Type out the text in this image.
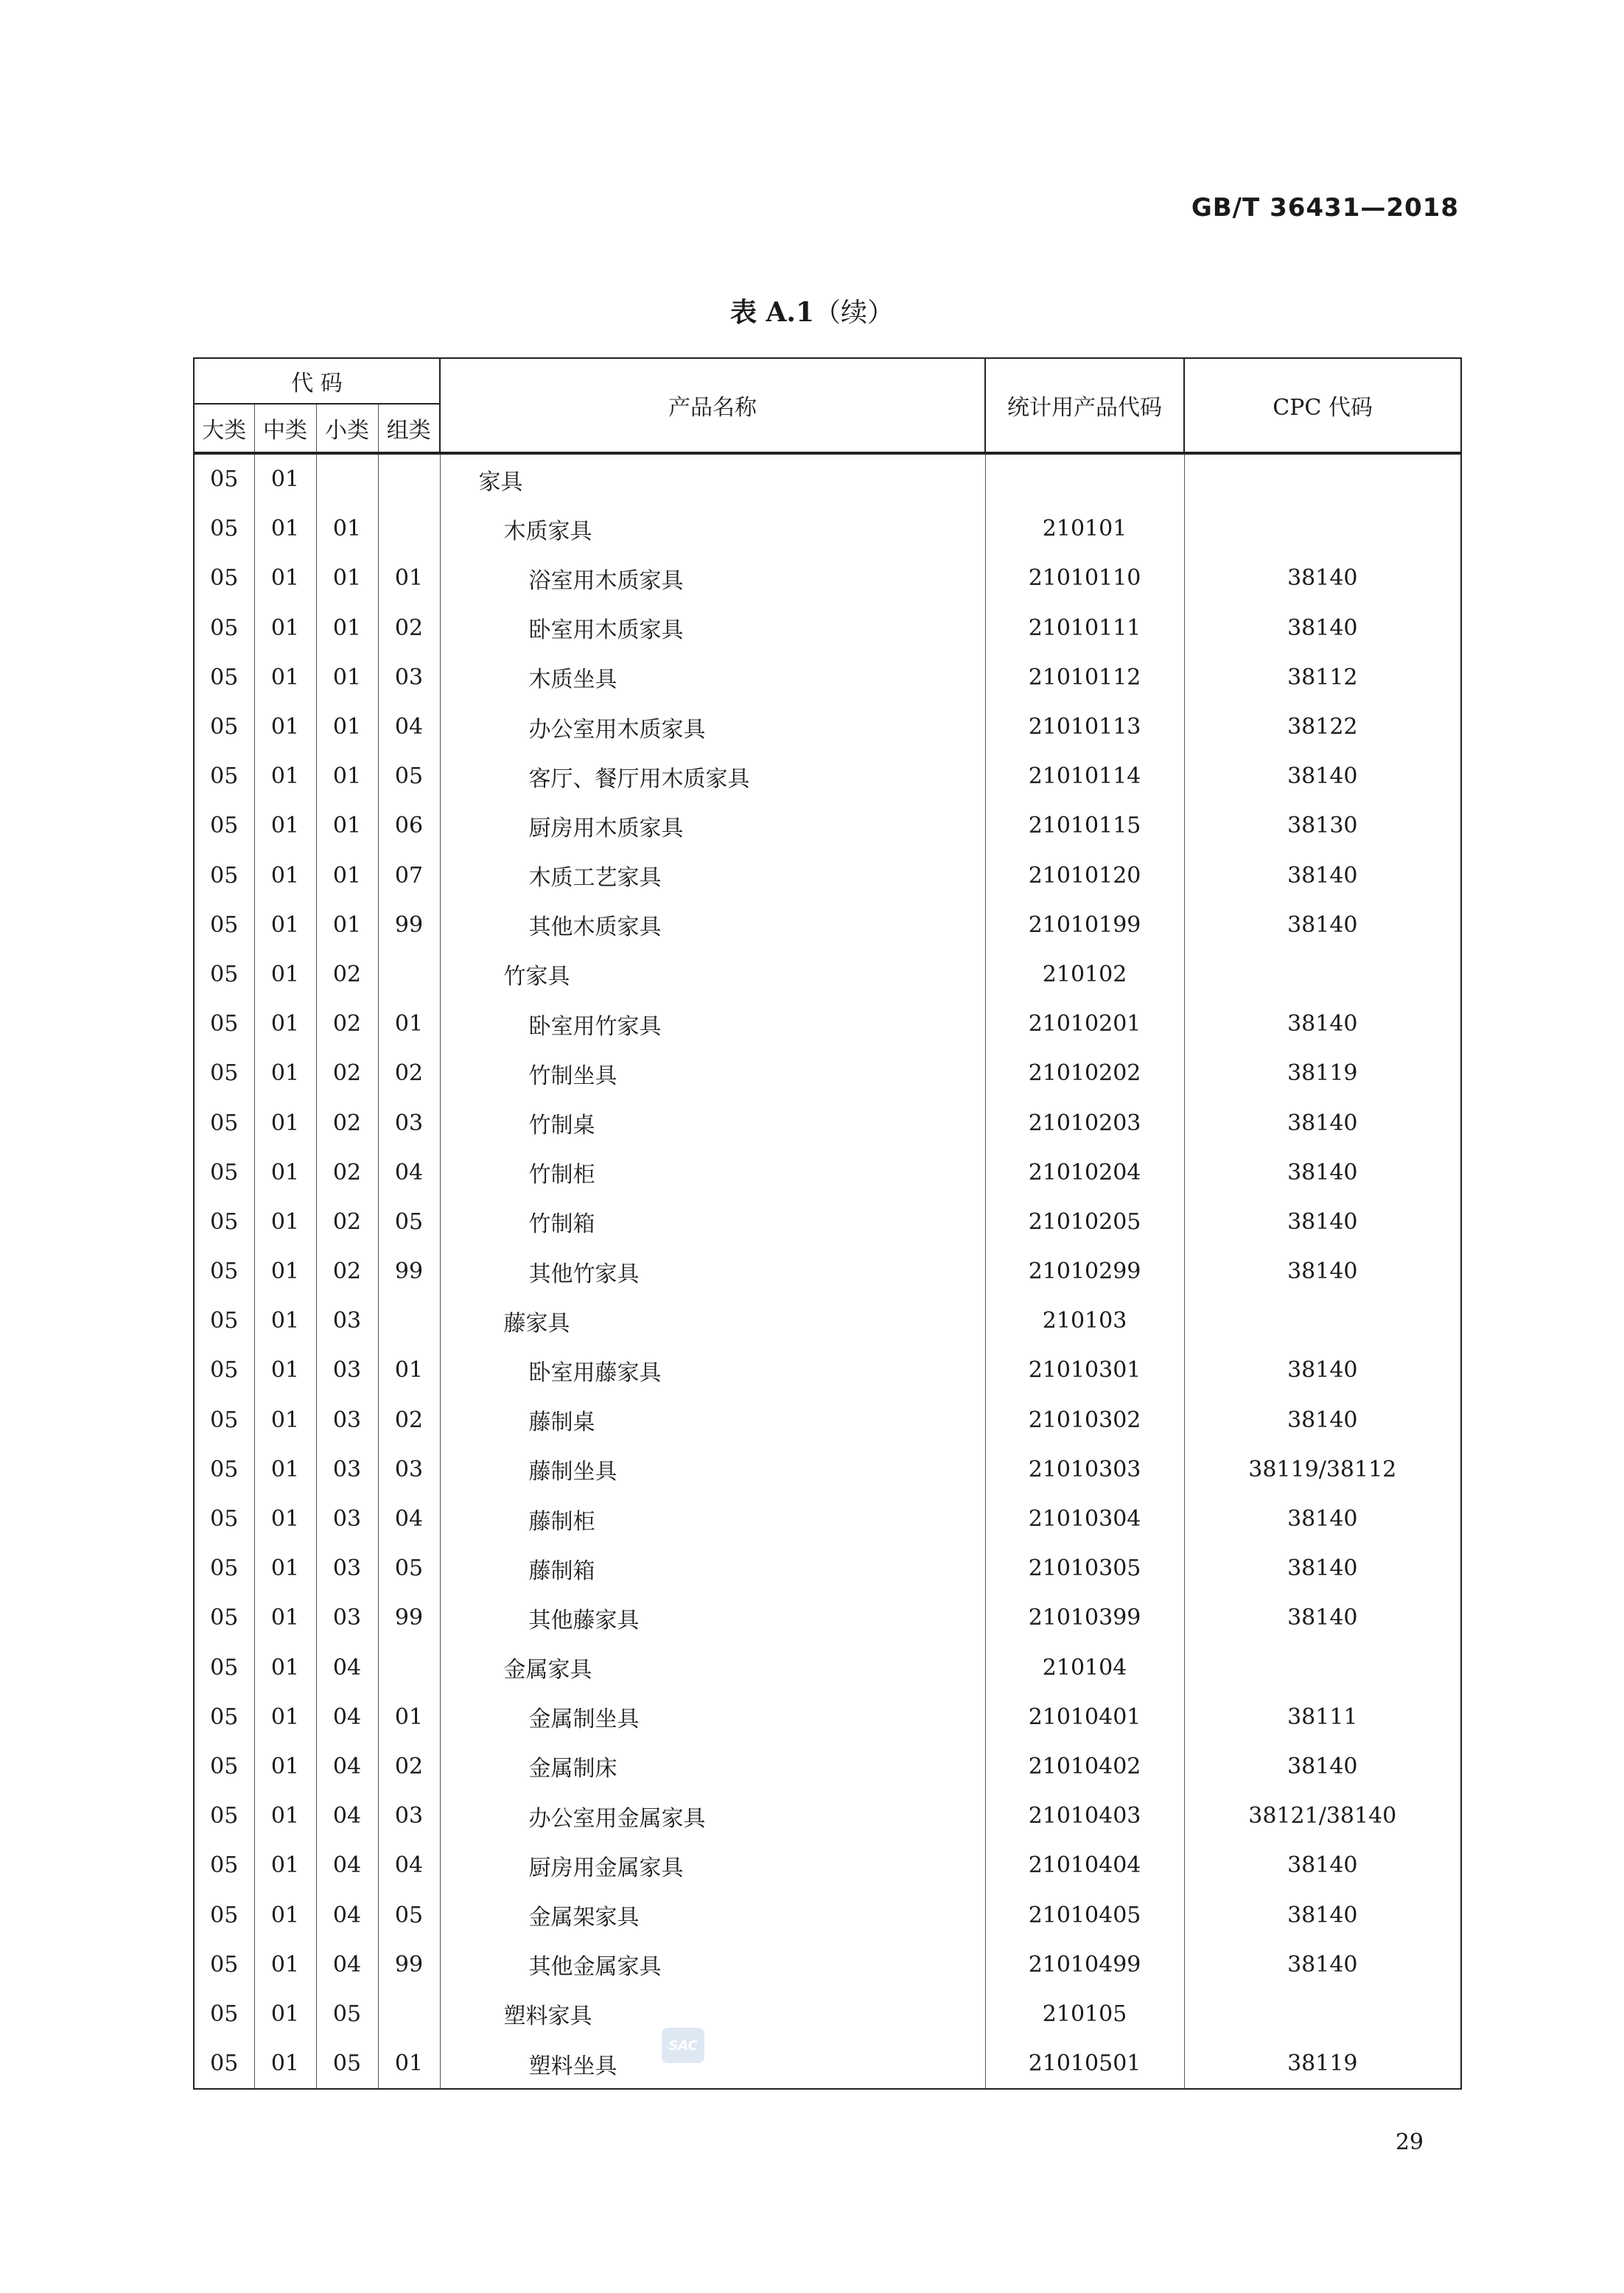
GB/T 36431—2018
表 A.1（续）
代 码				产品名称	统计用产品代码	CPC 代码
大类	中类	小类	组类			
05	01			家具		
05	01	01		木质家具	210101	
05	01	01	01	浴室用木质家具	21010110	38140
05	01	01	02	卧室用木质家具	21010111	38140
05	01	01	03	木质坐具	21010112	38112
05	01	01	04	办公室用木质家具	21010113	38122
05	01	01	05	客厅、餐厅用木质家具	21010114	38140
05	01	01	06	厨房用木质家具	21010115	38130
05	01	01	07	木质工艺家具	21010120	38140
05	01	01	99	其他木质家具	21010199	38140
05	01	02		竹家具	210102	
05	01	02	01	卧室用竹家具	21010201	38140
05	01	02	02	竹制坐具	21010202	38119
05	01	02	03	竹制桌	21010203	38140
05	01	02	04	竹制柜	21010204	38140
05	01	02	05	竹制箱	21010205	38140
05	01	02	99	其他竹家具	21010299	38140
05	01	03		藤家具	210103	
05	01	03	01	卧室用藤家具	21010301	38140
05	01	03	02	藤制桌	21010302	38140
05	01	03	03	藤制坐具	21010303	38119/38112
05	01	03	04	藤制柜	21010304	38140
05	01	03	05	藤制箱	21010305	38140
05	01	03	99	其他藤家具	21010399	38140
05	01	04		金属家具	210104	
05	01	04	01	金属制坐具	21010401	38111
05	01	04	02	金属制床	21010402	38140
05	01	04	03	办公室用金属家具	21010403	38121/38140
05	01	04	04	厨房用金属家具	21010404	38140
05	01	04	05	金属架家具	21010405	38140
05	01	04	99	其他金属家具	21010499	38140
05	01	05		塑料家具	210105	
05	01	05	01	塑料坐具	21010501	38119
SAC
29
